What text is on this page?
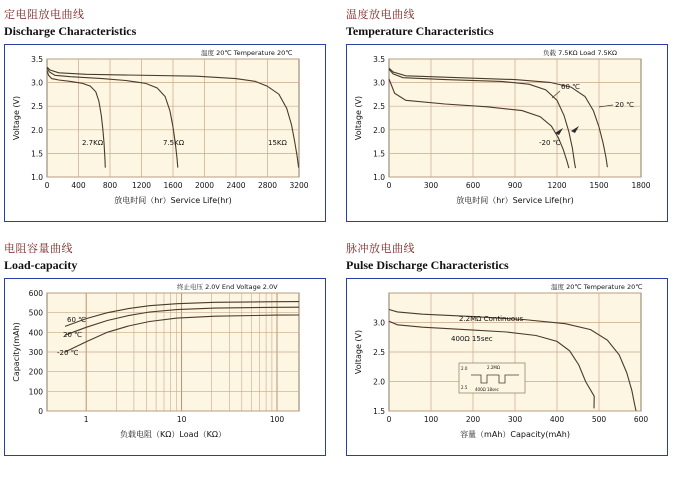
定电阻放电曲线
Discharge Characteristics
温度 20℃ Temperature 20℃
1.0
1.5
2.0
2.5
3.0
3.5
0	400 800 1200 1600 2000 2400 2800 3200
放电时间（hr）Service Life(hr)
Voltage (V)
2.7KΩ	7.5KΩ	15KΩ
温度放电曲线
Temperature Characteristics
负载 7.5KΩ Load 7.5KΩ
1.0
1.5
2.0
2.5
3.0
3.5
0	300	600	900	1200	1500	1800
放电时间（hr）Service Life(hr)
Voltage (V)
60 ℃
20 ℃
-20 ℃
电阻容量曲线
Load-capacity
终止电压 2.0V End Voltage 2.0V
0
100
200
300
400
500
600
1	10	100
负载电阻（KΩ）Load（KΩ）
Capacity(mAh)
60 ℃
20 ℃
-20 ℃
脉冲放电曲线
Pulse Discharge Characteristics
温度 20℃ Temperature 20℃
1.5
2.0
2.5
3.0
0	100	200	300	400	500	600
容量（mAh）Capacity(mAh)
Voltage (V)
2.2MΩ Continuous
400Ω 15sec
2.0
2.5
2.2MΩ
400Ω 18sec
